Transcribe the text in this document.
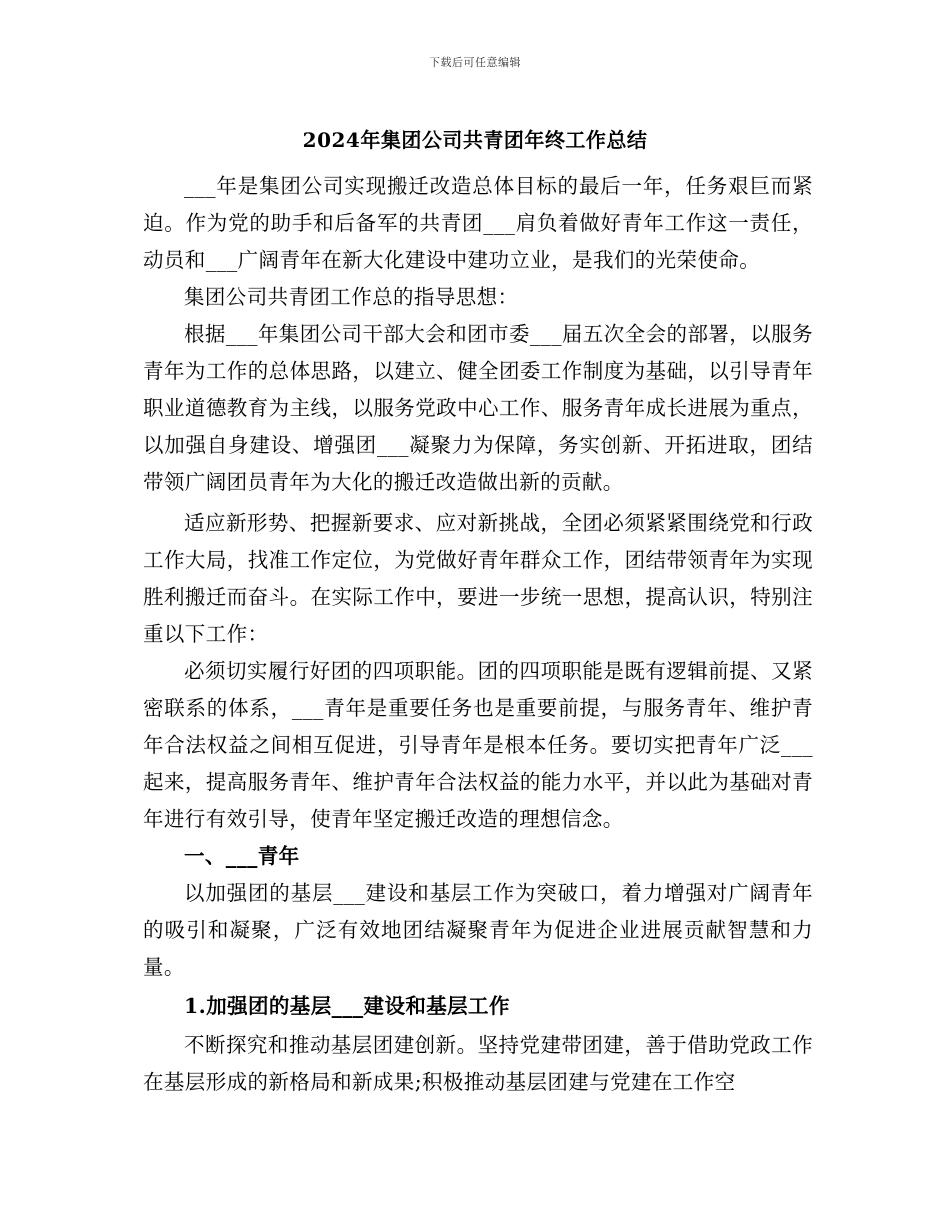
下载后可任意编辑
2024年集团公司共青团年终工作总结

___年是集团公司实现搬迁改造总体目标的最后一年，任务艰巨而紧迫。作为党的助手和后备军的共青团___肩负着做好青年工作这一责任，动员和___广阔青年在新大化建设中建功立业，是我们的光荣使命。

集团公司共青团工作总的指导思想：

根据___年集团公司干部大会和团市委___届五次全会的部署，以服务青年为工作的总体思路，以建立、健全团委工作制度为基础，以引导青年职业道德教育为主线，以服务党政中心工作、服务青年成长进展为重点，以加强自身建设、增强团___凝聚力为保障，务实创新、开拓进取，团结带领广阔团员青年为大化的搬迁改造做出新的贡献。

适应新形势、把握新要求、应对新挑战，全团必须紧紧围绕党和行政工作大局，找准工作定位，为党做好青年群众工作，团结带领青年为实现胜利搬迁而奋斗。在实际工作中，要进一步统一思想，提高认识，特别注重以下工作：

必须切实履行好团的四项职能。团的四项职能是既有逻辑前提、又紧密联系的体系，___青年是重要任务也是重要前提，与服务青年、维护青年合法权益之间相互促进，引导青年是根本任务。要切实把青年广泛___起来，提高服务青年、维护青年合法权益的能力水平，并以此为基础对青年进行有效引导，使青年坚定搬迁改造的理想信念。

一、___青年

以加强团的基层___建设和基层工作为突破口，着力增强对广阔青年的吸引和凝聚，广泛有效地团结凝聚青年为促进企业进展贡献智慧和力量。

1.加强团的基层___建设和基层工作

不断探究和推动基层团建创新。坚持党建带团建，善于借助党政工作在基层形成的新格局和新成果;积极推动基层团建与党建在工作空
